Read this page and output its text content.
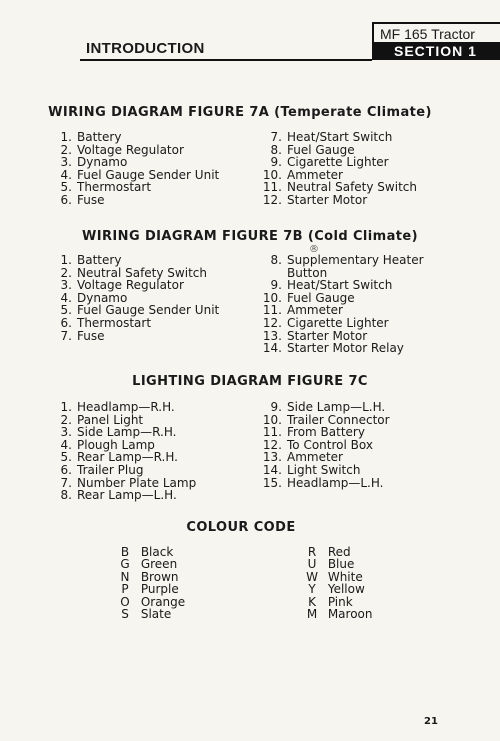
MF 165 Tractor
SECTION 1
INTRODUCTION
WIRING DIAGRAM FIGURE 7A (Temperate Climate)
1. Battery
2. Voltage Regulator
3. Dynamo
4. Fuel Gauge Sender Unit
5. Thermostart
6. Fuse
7. Heat/Start Switch
8. Fuel Gauge
9. Cigarette Lighter
10. Ammeter
11. Neutral Safety Switch
12. Starter Motor
WIRING DIAGRAM FIGURE 7B (Cold Climate)
®
1. Battery
2. Neutral Safety Switch
3. Voltage Regulator
4. Dynamo
5. Fuel Gauge Sender Unit
6. Thermostart
7. Fuse
8. Supplementary Heater
Button
9. Heat/Start Switch
10. Fuel Gauge
11. Ammeter
12. Cigarette Lighter
13. Starter Motor
14. Starter Motor Relay
LIGHTING DIAGRAM FIGURE 7C
1. Headlamp—R.H.
2. Panel Light
3. Side Lamp—R.H.
4. Plough Lamp
5. Rear Lamp—R.H.
6. Trailer Plug
7. Number Plate Lamp
8. Rear Lamp—L.H.
9. Side Lamp—L.H.
10. Trailer Connector
11. From Battery
12. To Control Box
13. Ammeter
14. Light Switch
15. Headlamp—L.H.
COLOUR CODE
B Black
G Green
N Brown
P Purple
O Orange
S Slate
R Red
U Blue
W White
Y Yellow
K Pink
M Maroon
21
